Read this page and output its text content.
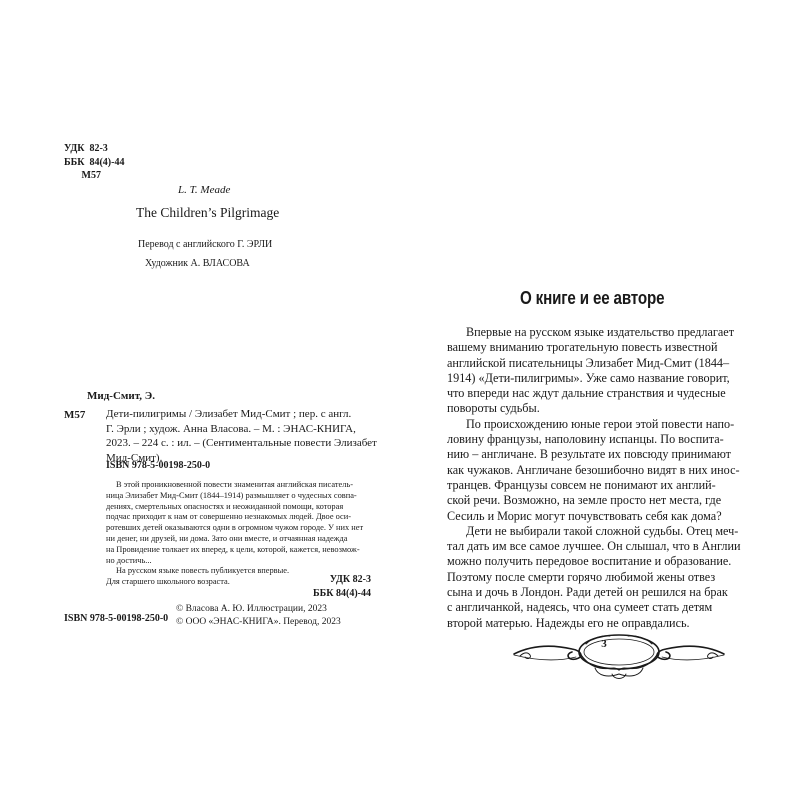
УДК  82-3
ББК  84(4)-44
М57
L. T. Meade
The Children’s Pilgrimage
Перевод с английского Г. ЭРЛИ
Художник А. ВЛАСОВА
Мид-Смит, Э.
М57 Дети-пилигримы / Элизабет Мид-Смит ; пер. с англ.
Г. Эрли ; худож. Анна Власова. – М. : ЭНАС-КНИГА,
2023. – 224 с. : ил. – (Сентиментальные повести Элизабет
Мид-Смит).
ISBN 978-5-00198-250-0
В этой проникновенной повести знаменитая английская писатель-
ница Элизабет Мид-Смит (1844–1914) размышляет о чудесных совпа-
дениях, смертельных опасностях и неожиданной помощи, которая
подчас приходит к нам от совершенно незнакомых людей. Двое оси-
ротевших детей оказываются одни в огромном чужом городе. У них нет
ни денег, ни друзей, ни дома. Зато они вместе, и отчаянная надежда
на Провидение толкает их вперед, к цели, которой, кажется, невозмож-
но достичь...
На русском языке повесть публикуется впервые.
Для старшего школьного возраста.	УДК 82-3
ББК 84(4)-44
ISBN 978-5-00198-250-0
© Власова А. Ю. Иллюстрации, 2023
© ООО «ЭНАС-КНИГА». Перевод, 2023
О книге и ее авторе
Впервые на русском языке издательство предлагает
вашему вниманию трогательную повесть известной
английской писательницы Элизабет Мид-Смит (1844–
1914) «Дети-пилигримы». Уже само название говорит,
что впереди нас ждут дальние странствия и чудесные
повороты судьбы.
По происхождению юные герои этой повести напо-
ловину французы, наполовину испанцы. По воспита-
нию – англичане. В результате их повсюду принимают
как чужаков. Англичане безошибочно видят в них инос-
транцев. Французы совсем не понимают их англий-
ской речи. Возможно, на земле просто нет места, где
Сесиль и Морис могут почувствовать себя как дома?
Дети не выбирали такой сложной судьбы. Отец меч-
тал дать им все самое лучшее. Он слышал, что в Англии
можно получить передовое воспитание и образование.
Поэтому после смерти горячо любимой жены отвез
сына и дочь в Лондон. Ради детей он решился на брак
с англичанкой, надеясь, что она сумеет стать детям
второй матерью. Надежды его не оправдались.
3
